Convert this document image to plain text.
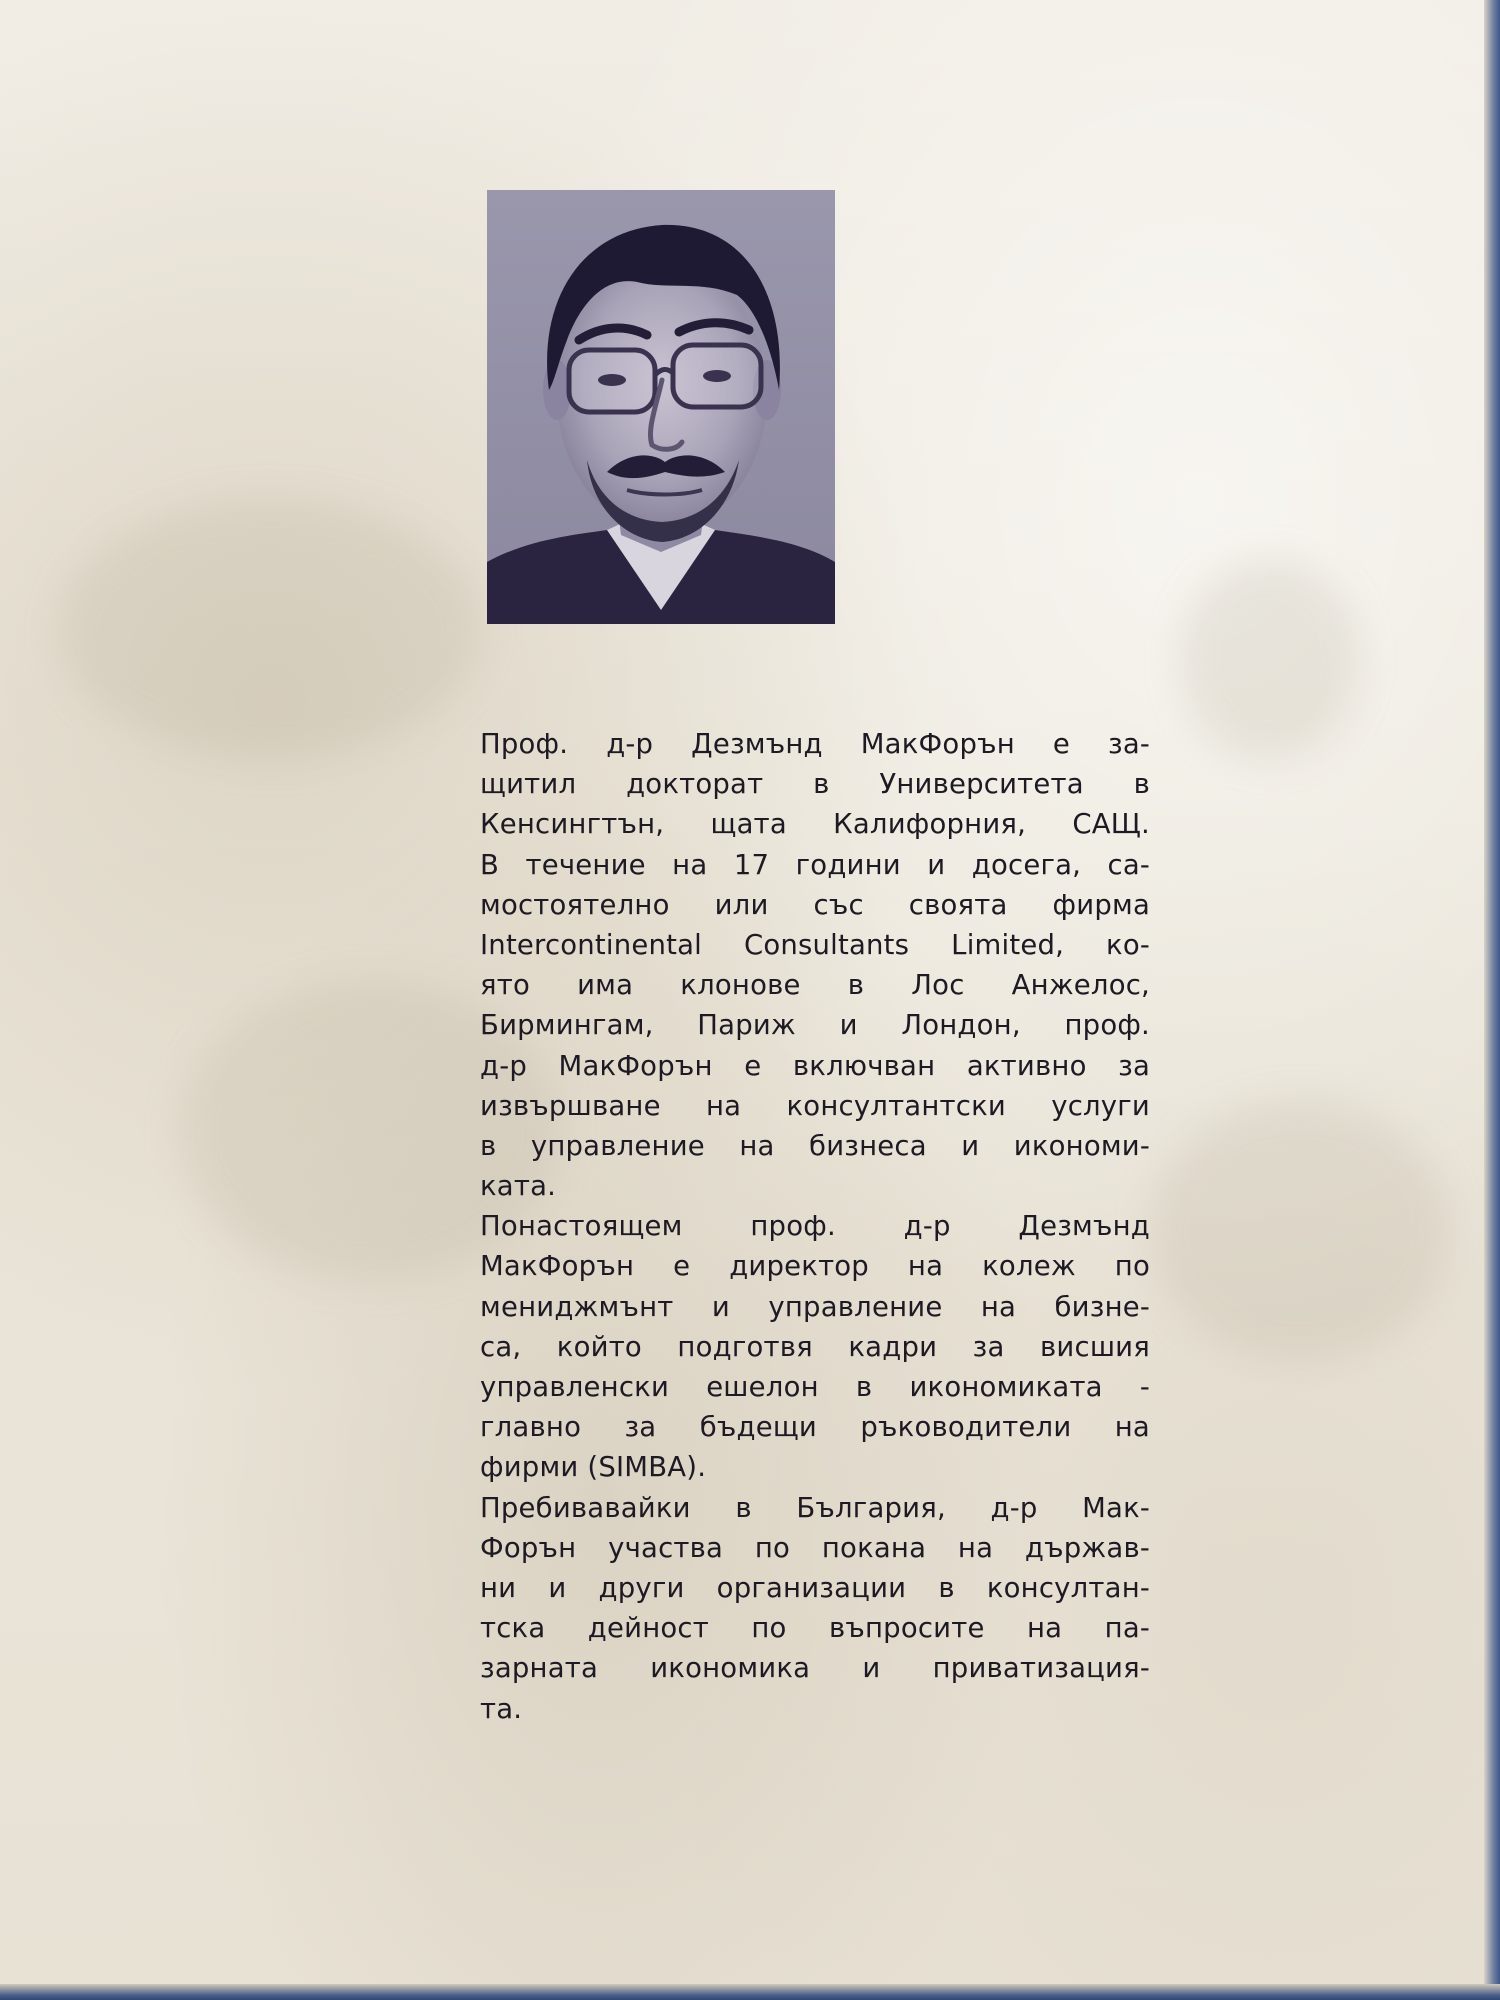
Проф. д-р Дезмънд МакФорън е за-
щитил докторат в Университета в
Кенсингтън, щата Калифорния, САЩ.
В течение на 17 години и досега, са-
мостоятелно или със своята фирма
Intercontinental Consultants Limited, ко-
ято има клонове в Лос Анжелос,
Бирмингам, Париж и Лондон, проф.
д-р МакФорън е включван активно за
извършване на консултантски услуги
в управление на бизнеса и икономи-
ката.
Понастоящем проф. д-р Дезмънд
МакФорън е директор на колеж по
мениджмънт и управление на бизне-
са, който подготвя кадри за висшия
управленски ешелон в икономиката -
главно за бъдещи ръководители на
фирми (SIMBA).
Пребивавайки в България, д-р Мак-
Форън участва по покана на държав-
ни и други организации в консултан-
тска дейност по въпросите на па-
зарната икономика и приватизация-
та.
